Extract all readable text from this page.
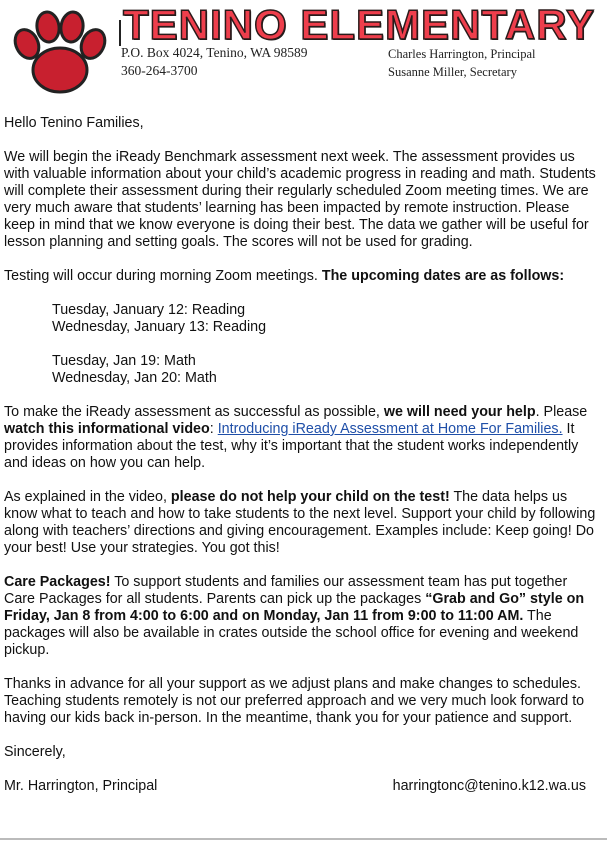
TENINO ELEMENTARY
P.O. Box 4024, Tenino, WA 98589
360-264-3700
Charles Harrington, Principal
Susanne Miller, Secretary

Hello Tenino Families,

We will begin the iReady Benchmark assessment next week. The assessment provides us with valuable information about your child’s academic progress in reading and math. Students will complete their assessment during their regularly scheduled Zoom meeting times. We are very much aware that students’ learning has been impacted by remote instruction. Please keep in mind that we know everyone is doing their best. The data we gather will be useful for lesson planning and setting goals. The scores will not be used for grading.

Testing will occur during morning Zoom meetings. The upcoming dates are as follows:

Tuesday, January 12: Reading

Wednesday, January 13: Reading

Tuesday, Jan 19: Math

Wednesday, Jan 20: Math

To make the iReady assessment as successful as possible, we will need your help. Please watch this informational video: Introducing iReady Assessment at Home For Families. It provides information about the test, why it’s important that the student works independently and ideas on how you can help.

As explained in the video, please do not help your child on the test! The data helps us know what to teach and how to take students to the next level. Support your child by following along with teachers’ directions and giving encouragement. Examples include: Keep going! Do your best! Use your strategies. You got this!

Care Packages! To support students and families our assessment team has put together Care Packages for all students. Parents can pick up the packages “Grab and Go” style on Friday, Jan 8 from 4:00 to 6:00 and on Monday, Jan 11 from 9:00 to 11:00 AM. The packages will also be available in crates outside the school office for evening and weekend pickup.

Thanks in advance for all your support as we adjust plans and make changes to schedules. Teaching students remotely is not our preferred approach and we very much look forward to having our kids back in-person. In the meantime, thank you for your patience and support.

Sincerely,

Mr. Harrington, Principal	harringtonc@tenino.k12.wa.us
